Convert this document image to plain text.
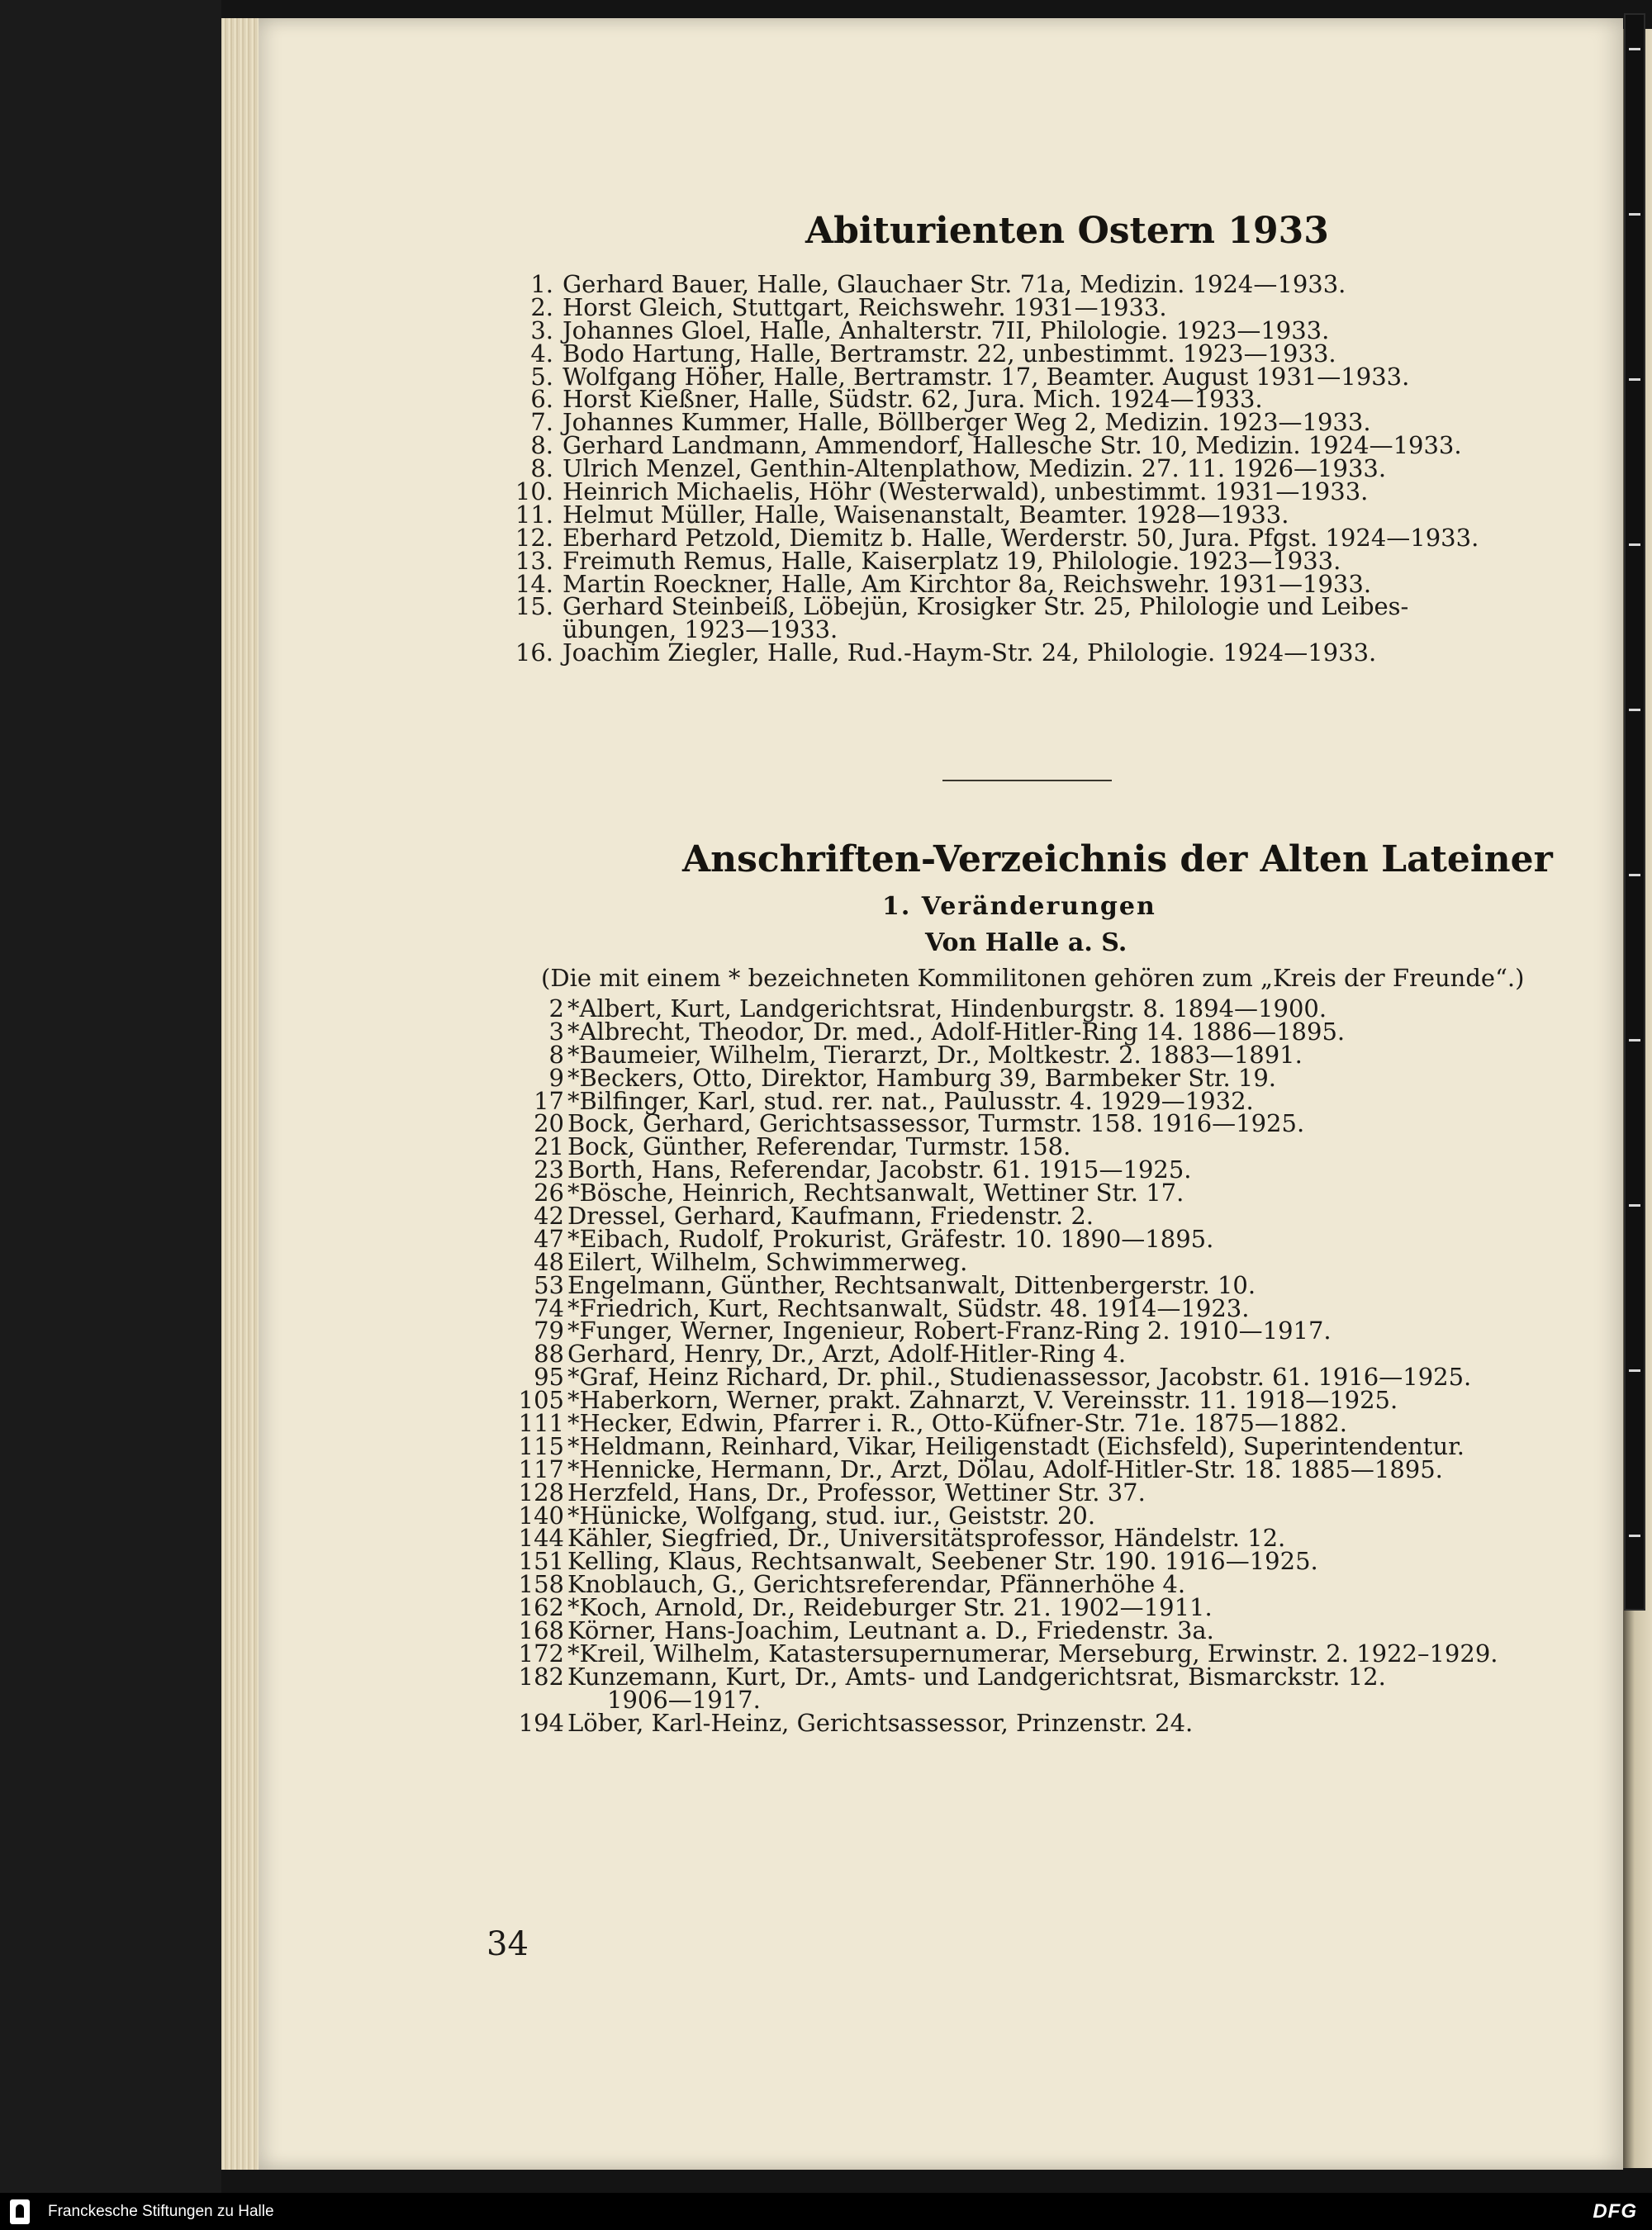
Abiturienten Ostern 1933
1. Gerhard Bauer, Halle, Glauchaer Str. 71a, Medizin. 1924—1933.
2. Horst Gleich, Stuttgart, Reichswehr. 1931—1933.
3. Johannes Gloel, Halle, Anhalterstr. 7II, Philologie. 1923—1933.
4. Bodo Hartung, Halle, Bertramstr. 22, unbestimmt. 1923—1933.
5. Wolfgang Höher, Halle, Bertramstr. 17, Beamter. August 1931—1933.
6. Horst Kießner, Halle, Südstr. 62, Jura. Mich. 1924—1933.
7. Johannes Kummer, Halle, Böllberger Weg 2, Medizin. 1923—1933.
8. Gerhard Landmann, Ammendorf, Hallesche Str. 10, Medizin. 1924—1933.
8. Ulrich Menzel, Genthin-Altenplathow, Medizin. 27. 11. 1926—1933.
10. Heinrich Michaelis, Höhr (Westerwald), unbestimmt. 1931—1933.
11. Helmut Müller, Halle, Waisenanstalt, Beamter. 1928—1933.
12. Eberhard Petzold, Diemitz b. Halle, Werderstr. 50, Jura. Pfgst. 1924—1933.
13. Freimuth Remus, Halle, Kaiserplatz 19, Philologie. 1923—1933.
14. Martin Roeckner, Halle, Am Kirchtor 8a, Reichswehr. 1931—1933.
15. Gerhard Steinbeiß, Löbejün, Krosigker Str. 25, Philologie und Leibes-
übungen, 1923—1933.
16. Joachim Ziegler, Halle, Rud.-Haym-Str. 24, Philologie. 1924—1933.
Anschriften-Verzeichnis der Alten Lateiner
1. Veränderungen
Von Halle a. S.
(Die mit einem * bezeichneten Kommilitonen gehören zum „Kreis der Freunde“.)
2 *Albert, Kurt, Landgerichtsrat, Hindenburgstr. 8. 1894—1900.
3 *Albrecht, Theodor, Dr. med., Adolf-Hitler-Ring 14. 1886—1895.
8 *Baumeier, Wilhelm, Tierarzt, Dr., Moltkestr. 2. 1883—1891.
9 *Beckers, Otto, Direktor, Hamburg 39, Barmbeker Str. 19.
17 *Bilfinger, Karl, stud. rer. nat., Paulusstr. 4. 1929—1932.
20 Bock, Gerhard, Gerichtsassessor, Turmstr. 158. 1916—1925.
21 Bock, Günther, Referendar, Turmstr. 158.
23 Borth, Hans, Referendar, Jacobstr. 61. 1915—1925.
26 *Bösche, Heinrich, Rechtsanwalt, Wettiner Str. 17.
42 Dressel, Gerhard, Kaufmann, Friedenstr. 2.
47 *Eibach, Rudolf, Prokurist, Gräfestr. 10. 1890—1895.
48 Eilert, Wilhelm, Schwimmerweg.
53 Engelmann, Günther, Rechtsanwalt, Dittenbergerstr. 10.
74 *Friedrich, Kurt, Rechtsanwalt, Südstr. 48. 1914—1923.
79 *Funger, Werner, Ingenieur, Robert-Franz-Ring 2. 1910—1917.
88 Gerhard, Henry, Dr., Arzt, Adolf-Hitler-Ring 4.
95 *Graf, Heinz Richard, Dr. phil., Studienassessor, Jacobstr. 61. 1916—1925.
105 *Haberkorn, Werner, prakt. Zahnarzt, V. Vereinsstr. 11. 1918—1925.
111 *Hecker, Edwin, Pfarrer i. R., Otto-Küfner-Str. 71e. 1875—1882.
115 *Heldmann, Reinhard, Vikar, Heiligenstadt (Eichsfeld), Superintendentur.
117 *Hennicke, Hermann, Dr., Arzt, Dölau, Adolf-Hitler-Str. 18. 1885—1895.
128 Herzfeld, Hans, Dr., Professor, Wettiner Str. 37.
140 *Hünicke, Wolfgang, stud. iur., Geiststr. 20.
144 Kähler, Siegfried, Dr., Universitätsprofessor, Händelstr. 12.
151 Kelling, Klaus, Rechtsanwalt, Seebener Str. 190. 1916—1925.
158 Knoblauch, G., Gerichtsreferendar, Pfännerhöhe 4.
162 *Koch, Arnold, Dr., Reideburger Str. 21. 1902—1911.
168 Körner, Hans-Joachim, Leutnant a. D., Friedenstr. 3a.
172 *Kreil, Wilhelm, Katastersupernumerar, Merseburg, Erwinstr. 2. 1922–1929.
182 Kunzemann, Kurt, Dr., Amts- und Landgerichtsrat, Bismarckstr. 12.
1906—1917.
194 Löber, Karl-Heinz, Gerichtsassessor, Prinzenstr. 24.
34
Franckesche Stiftungen zu Halle	DFG
